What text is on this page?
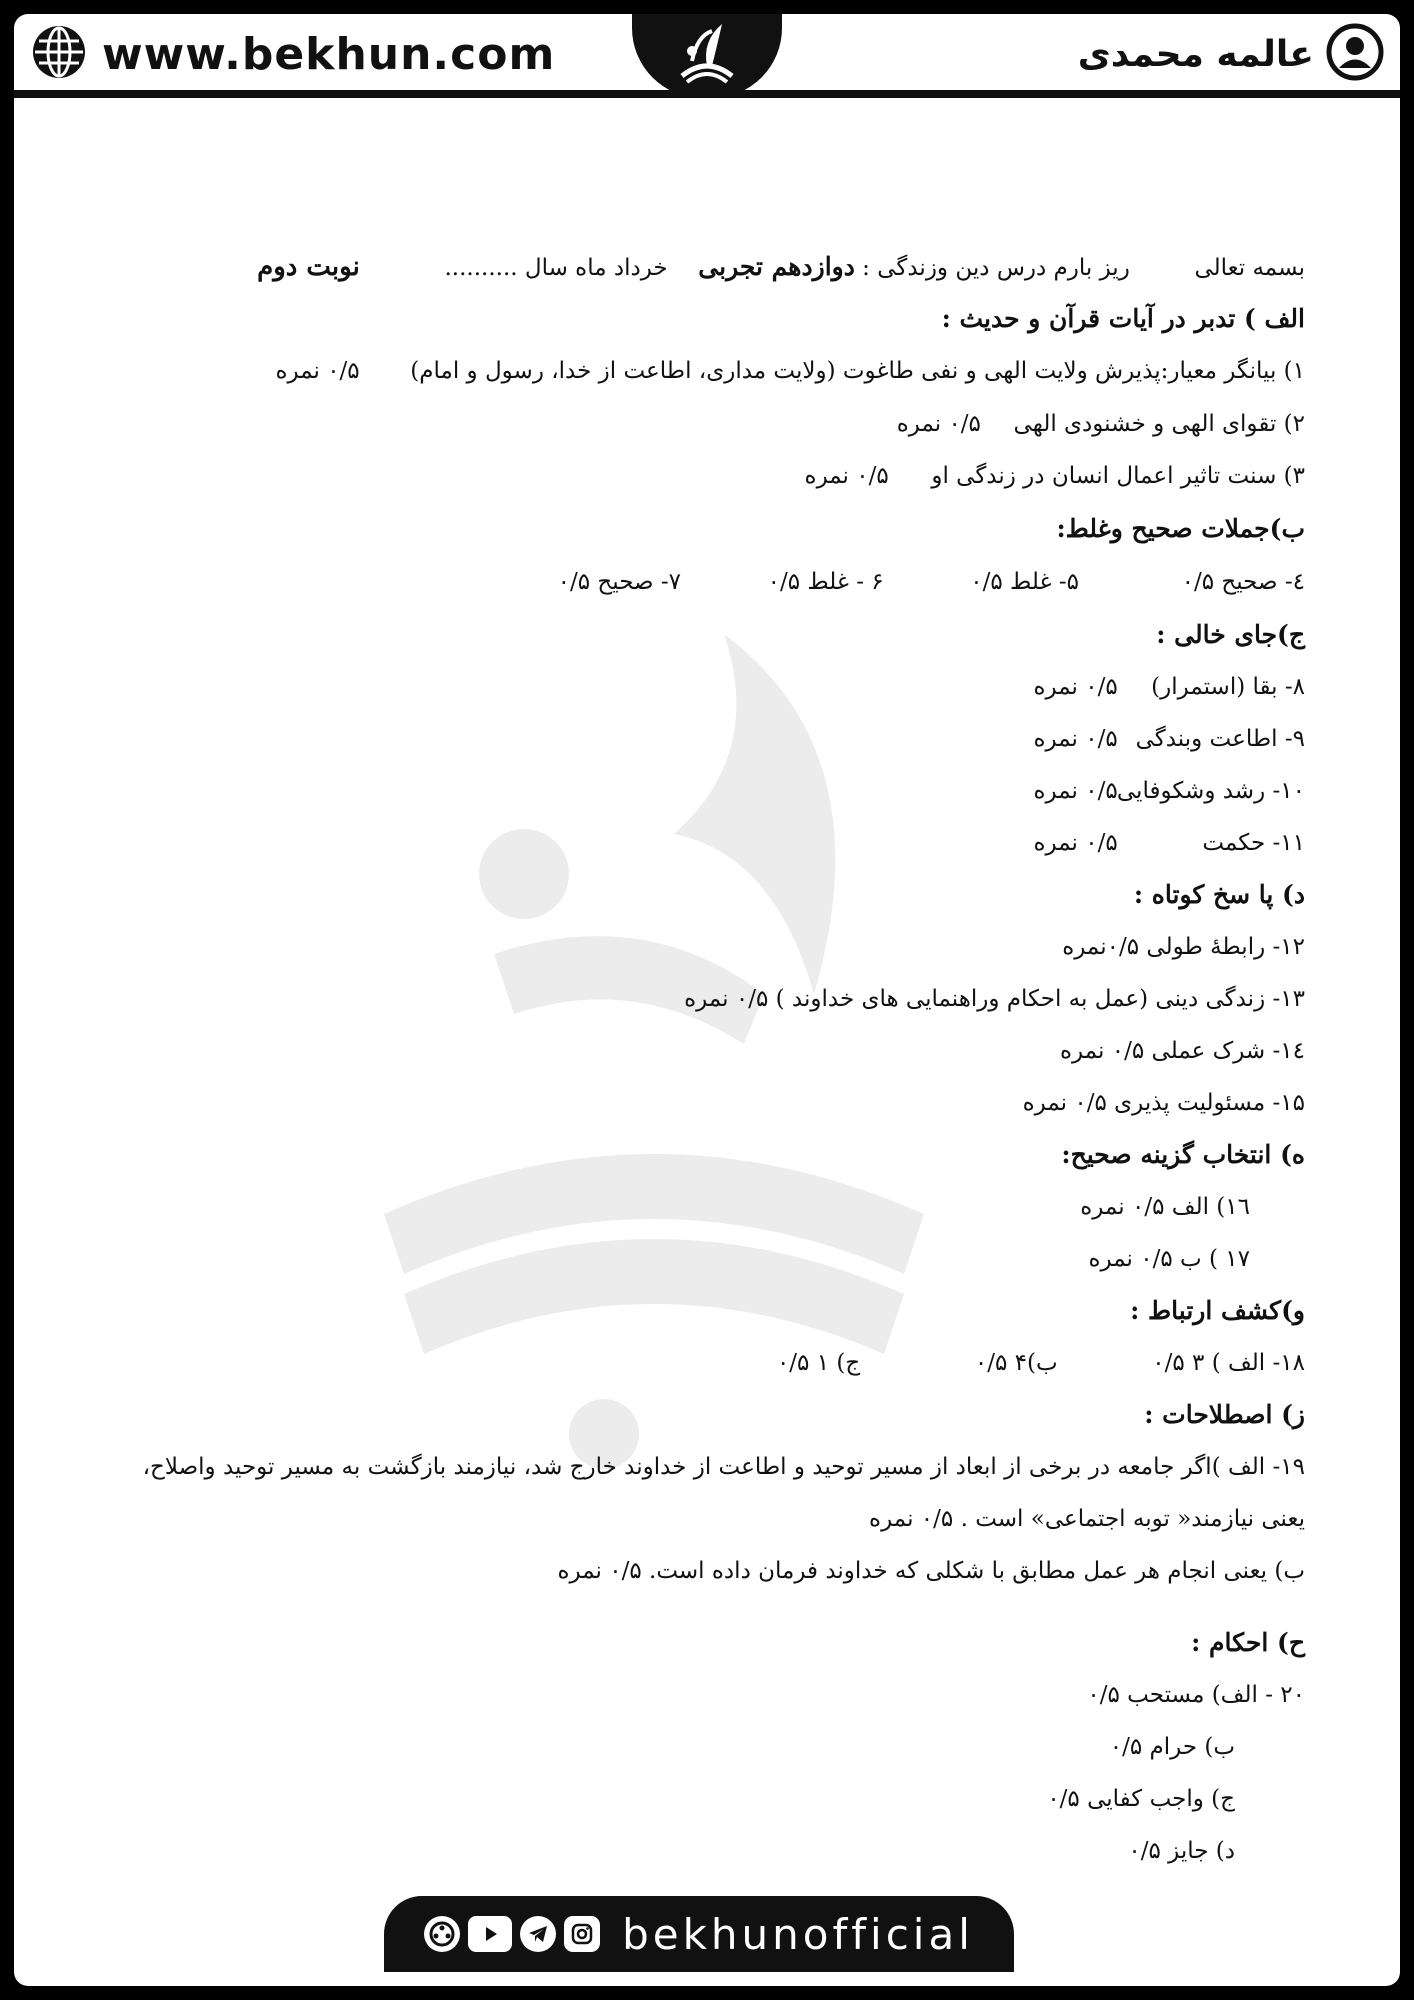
www.bekhun.com	عالمه محمدی
بسمه تعالی  ریز بارم درس دین وزندگی : دوازدهم تجربی  خرداد ماه سال ..........  نوبت دوم
الف ) تدبر در آیات قرآن و حدیث :
۱) بیانگر معیار:پذیرش ولایت الهی و نفی طاغوت (ولایت مداری، اطاعت از خدا، رسول و امام)  ۰/۵ نمره
۲) تقوای الهی و خشنودی الهی  ۰/۵ نمره
۳) سنت تاثیر اعمال انسان در زندگی او  ۰/۵ نمره
ب)جملات صحیح وغلط:
٤- صحیح ۰/۵  ۵- غلط ۰/۵  ۶ - غلط ۰/۵  ۷- صحیح ۰/۵
ج)جای خالی :
۸- بقا (استمرار) ۰/۵ نمره
۹- اطاعت وبندگی ۰/۵ نمره
۱۰- رشد وشکوفایی ۰/۵ نمره
۱۱- حکمت ۰/۵ نمره
د) پا سخ کوتاه :
۱۲- رابطهٔ طولی ۰/۵نمره
۱۳- زندگی دینی (عمل به احکام وراهنمایی های خداوند ) ۰/۵ نمره
۱٤- شرک عملی ۰/۵ نمره
۱۵- مسئولیت پذیری ۰/۵ نمره
ه) انتخاب گزینه صحیح:
۱٦) الف ۰/۵ نمره
۱۷ ) ب ۰/۵ نمره
و)کشف ارتباط :
۱۸- الف ) ۳ ۰/۵  ب)۴ ۰/۵  ج) ۱ ۰/۵
ز) اصطلاحات :
۱۹- الف )اگر جامعه در برخی از ابعاد از مسیر توحید و اطاعت از خداوند خارج شد، نیازمند بازگشت به مسیر توحید واصلاح،
یعنی نیازمند« توبه اجتماعی» است . ۰/۵ نمره
ب) یعنی انجام هر عمل مطابق با شکلی که خداوند فرمان داده است. ۰/۵ نمره
ح) احکام :
۲۰ - الف) مستحب ۰/۵
ب) حرام ۰/۵
ج) واجب کفایی ۰/۵
د) جایز ۰/۵
bekhunofficial
